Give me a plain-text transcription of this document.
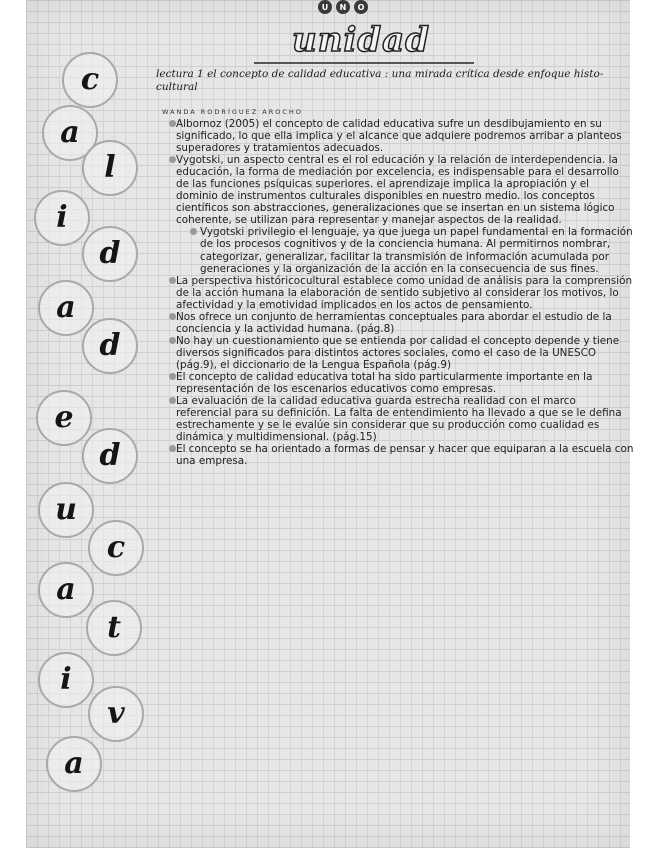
U	N	O
unidad
c
a
l
i
d
a
d
e
d
u
c
a
t
i
v
a
lectura 1 el concepto de calidad educativa : una mirada crítica desde enfoque histo-cultural
WANDA RODRÍGUEZ AROCHO

Albornoz (2005) el concepto de calidad educativa sufre un desdibujamiento en su significado, lo que ella implica y el alcance que adquiere podremos arribar a planteos superadores y tratamientos adecuados.

Vygotski, un aspecto central es el rol educación y la relación de interdependencia. la educación, la forma de mediación por excelencia, es indispensable para el desarrollo de las funciones psíquicas superiores. el aprendizaje implica la apropiación y el dominio de instrumentos culturales disponibles en nuestro medio. los conceptos científicos son abstracciones, generalizaciones que se insertan en un sistema lógico coherente, se utilizan para representar y manejar aspectos de la realidad.

Vygotski privilegio el lenguaje, ya que juega un papel fundamental en la formación de los procesos cognitivos y de la conciencia humana. Al permitirnos nombrar, categorizar, generalizar, facilitar la transmisión de información acumulada por generaciones y la organización de la acción en la consecuencia de sus fines.

La perspectiva históricocultural establece como unidad de análisis para la comprensión de la acción humana la elaboración de sentido subjetivo al considerar los motivos, lo afectividad y la emotividad implicados en los actos de pensamiento.

Nos ofrece un conjunto de herramientas conceptuales para abordar el estudio de la conciencia y la actividad humana. (pág.8)

No hay un cuestionamiento que se entienda por calidad el concepto depende y tiene diversos significados para distintos actores sociales, como el caso de la UNESCO (pág.9), el diccionario de la Lengua Española (pág.9)

El concepto de calidad educativa total ha sido particularmente importante en la representación de los escenarios educativos como empresas.

La evaluación de la calidad educativa guarda estrecha realidad con el marco referencial para su definición. La falta de entendimiento ha llevado a que se le defina estrechamente y se le evalúe sin considerar que su producción como cualidad es dinámica y multidimensional. (pág.15)

El concepto se ha orientado a formas de pensar y hacer que equiparan a la escuela con una empresa.
